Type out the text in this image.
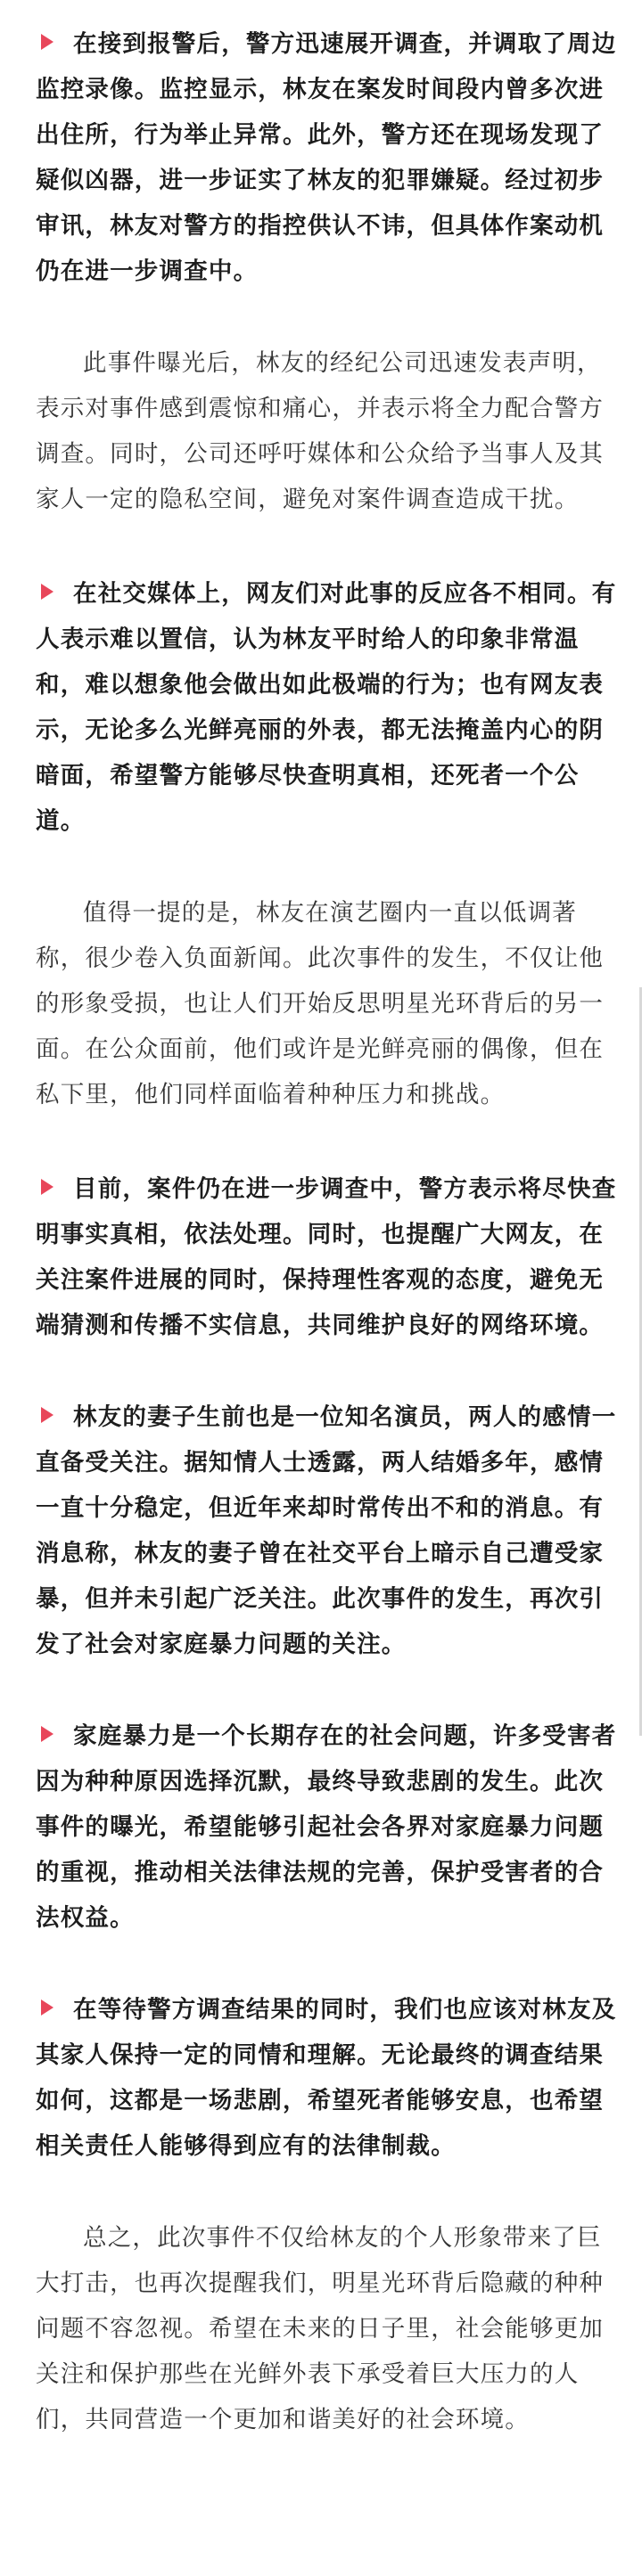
在接到报警后，警方迅速展开调查，并调取了周边监控录像。监控显示，林友在案发时间段内曾多次进出住所，行为举止异常。此外，警方还在现场发现了疑似凶器，进一步证实了林友的犯罪嫌疑。经过初步审讯，林友对警方的指控供认不讳，但具体作案动机仍在进一步调查中。

此事件曝光后，林友的经纪公司迅速发表声明，表示对事件感到震惊和痛心，并表示将全力配合警方调查。同时，公司还呼吁媒体和公众给予当事人及其家人一定的隐私空间，避免对案件调查造成干扰。

在社交媒体上，网友们对此事的反应各不相同。有人表示难以置信，认为林友平时给人的印象非常温和，难以想象他会做出如此极端的行为；也有网友表示，无论多么光鲜亮丽的外表，都无法掩盖内心的阴暗面，希望警方能够尽快查明真相，还死者一个公道。

值得一提的是，林友在演艺圈内一直以低调著称，很少卷入负面新闻。此次事件的发生，不仅让他的形象受损，也让人们开始反思明星光环背后的另一面。在公众面前，他们或许是光鲜亮丽的偶像，但在私下里，他们同样面临着种种压力和挑战。

目前，案件仍在进一步调查中，警方表示将尽快查明事实真相，依法处理。同时，也提醒广大网友，在关注案件进展的同时，保持理性客观的态度，避免无端猜测和传播不实信息，共同维护良好的网络环境。

林友的妻子生前也是一位知名演员，两人的感情一直备受关注。据知情人士透露，两人结婚多年，感情一直十分稳定，但近年来却时常传出不和的消息。有消息称，林友的妻子曾在社交平台上暗示自己遭受家暴，但并未引起广泛关注。此次事件的发生，再次引发了社会对家庭暴力问题的关注。

家庭暴力是一个长期存在的社会问题，许多受害者因为种种原因选择沉默，最终导致悲剧的发生。此次事件的曝光，希望能够引起社会各界对家庭暴力问题的重视，推动相关法律法规的完善，保护受害者的合法权益。

在等待警方调查结果的同时，我们也应该对林友及其家人保持一定的同情和理解。无论最终的调查结果如何，这都是一场悲剧，希望死者能够安息，也希望相关责任人能够得到应有的法律制裁。

总之，此次事件不仅给林友的个人形象带来了巨大打击，也再次提醒我们，明星光环背后隐藏的种种问题不容忽视。希望在未来的日子里，社会能够更加关注和保护那些在光鲜外表下承受着巨大压力的人们，共同营造一个更加和谐美好的社会环境。
